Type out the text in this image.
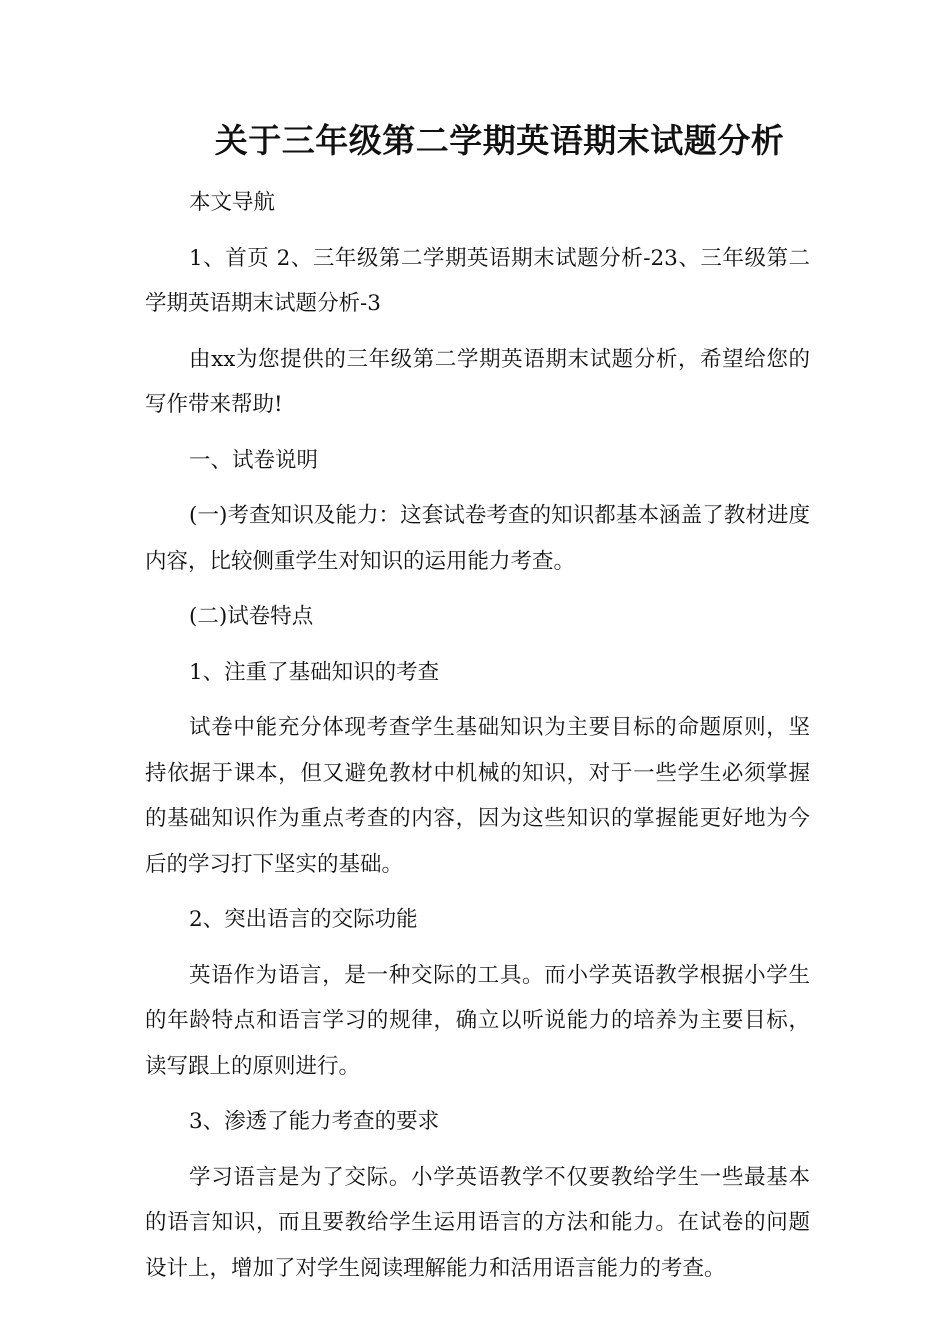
关于三年级第二学期英语期末试题分析

本文导航

1、首页 2、三年级第二学期英语期末试题分析-23、三年级第二学期英语期末试题分析-3

由xx为您提供的三年级第二学期英语期末试题分析，希望给您的写作带来帮助!

一、试卷说明

(一)考查知识及能力：这套试卷考查的知识都基本涵盖了教材进度内容，比较侧重学生对知识的运用能力考查。

(二)试卷特点

1、注重了基础知识的考查

试卷中能充分体现考查学生基础知识为主要目标的命题原则，坚持依据于课本，但又避免教材中机械的知识，对于一些学生必须掌握的基础知识作为重点考查的内容，因为这些知识的掌握能更好地为今后的学习打下坚实的基础。

2、突出语言的交际功能

英语作为语言，是一种交际的工具。而小学英语教学根据小学生的年龄特点和语言学习的规律，确立以听说能力的培养为主要目标，读写跟上的原则进行。

3、渗透了能力考查的要求

学习语言是为了交际。小学英语教学不仅要教给学生一些最基本的语言知识，而且要教给学生运用语言的方法和能力。在试卷的问题设计上，增加了对学生阅读理解能力和活用语言能力的考查。
